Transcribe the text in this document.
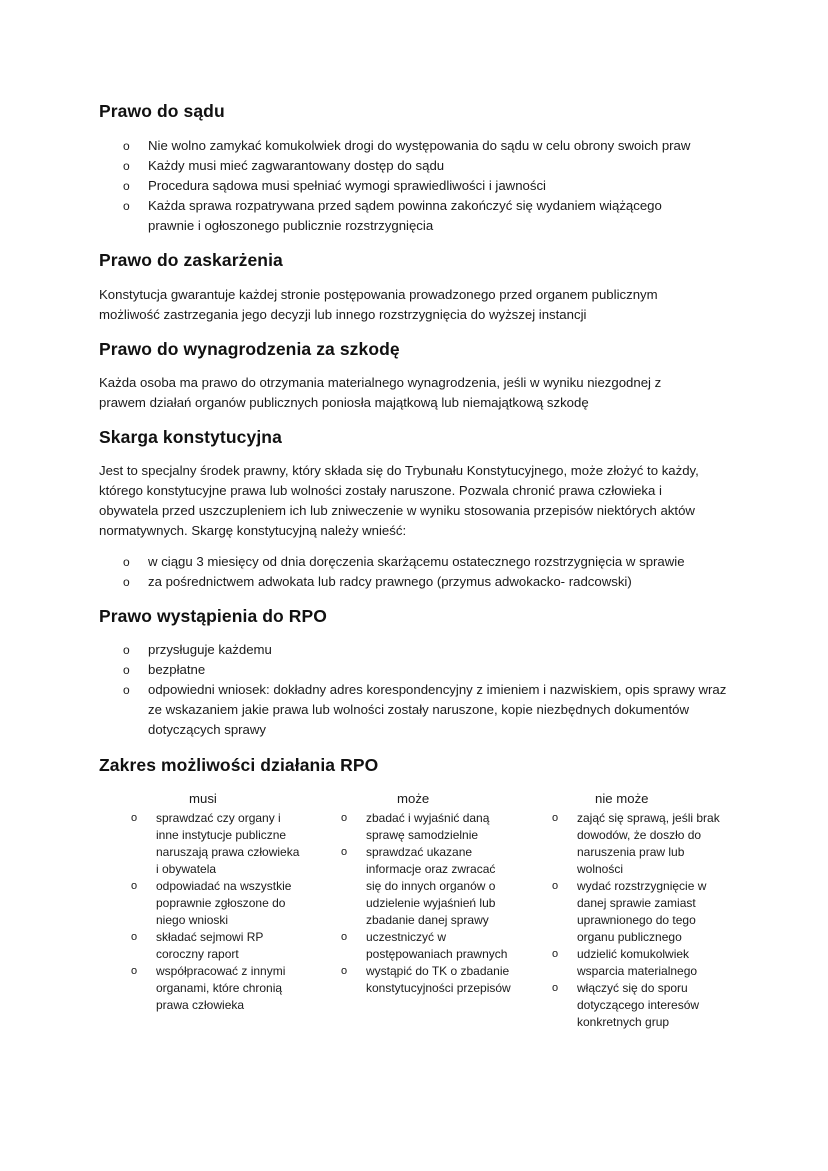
Prawo do sądu
o Nie wolno zamykać komukolwiek drogi do występowania do sądu w celu obrony swoich praw
o Każdy musi mieć zagwarantowany dostęp do sądu
o Procedura sądowa musi spełniać wymogi sprawiedliwości i jawności
o Każda sprawa rozpatrywana przed sądem powinna zakończyć się wydaniem wiążącego prawnie i ogłoszonego publicznie rozstrzygnięcia
Prawo do zaskarżenia

Konstytucja gwarantuje każdej stronie postępowania prowadzonego przed organem publicznym możliwość zastrzegania jego decyzji lub innego rozstrzygnięcia do wyższej instancji

Prawo do wynagrodzenia za szkodę

Każda osoba ma prawo do otrzymania materialnego wynagrodzenia, jeśli w wyniku niezgodnej z prawem działań organów publicznych poniosła majątkową lub niemajątkową szkodę

Skarga konstytucyjna

Jest to specjalny środek prawny, który składa się do Trybunału Konstytucyjnego, może złożyć to każdy, którego konstytucyjne prawa lub wolności zostały naruszone. Pozwala chronić prawa człowieka i obywatela przed uszczupleniem ich lub zniweczenie w wyniku stosowania przepisów niektórych aktów normatywnych. Skargę konstytucyjną należy wnieść:

o w ciągu 3 miesięcy od dnia doręczenia skarżącemu ostatecznego rozstrzygnięcia w sprawie
o za pośrednictwem adwokata lub radcy prawnego (przymus adwokacko- radcowski)
Prawo wystąpienia do RPO
o przysługuje każdemu
o bezpłatne
o odpowiedni wniosek: dokładny adres korespondencyjny z imieniem i nazwiskiem, opis sprawy wraz ze wskazaniem jakie prawa lub wolności zostały naruszone, kopie niezbędnych dokumentów dotyczących sprawy
Zakres możliwości działania RPO
musi
o sprawdzać czy organy i inne instytucje publiczne naruszają prawa człowieka i obywatela
o odpowiadać na wszystkie poprawnie zgłoszone do niego wnioski
o składać sejmowi RP coroczny raport
o współpracować z innymi organami, które chronią prawa człowieka
może
o zbadać i wyjaśnić daną sprawę samodzielnie
o sprawdzać ukazane informacje oraz zwracać się do innych organów o udzielenie wyjaśnień lub zbadanie danej sprawy
o uczestniczyć w postępowaniach prawnych
o wystąpić do TK o zbadanie konstytucyjności przepisów
nie może
o zająć się sprawą, jeśli brak dowodów, że doszło do naruszenia praw lub wolności
o wydać rozstrzygnięcie w danej sprawie zamiast uprawnionego do tego organu publicznego
o udzielić komukolwiek wsparcia materialnego
o włączyć się do sporu dotyczącego interesów konkretnych grup
